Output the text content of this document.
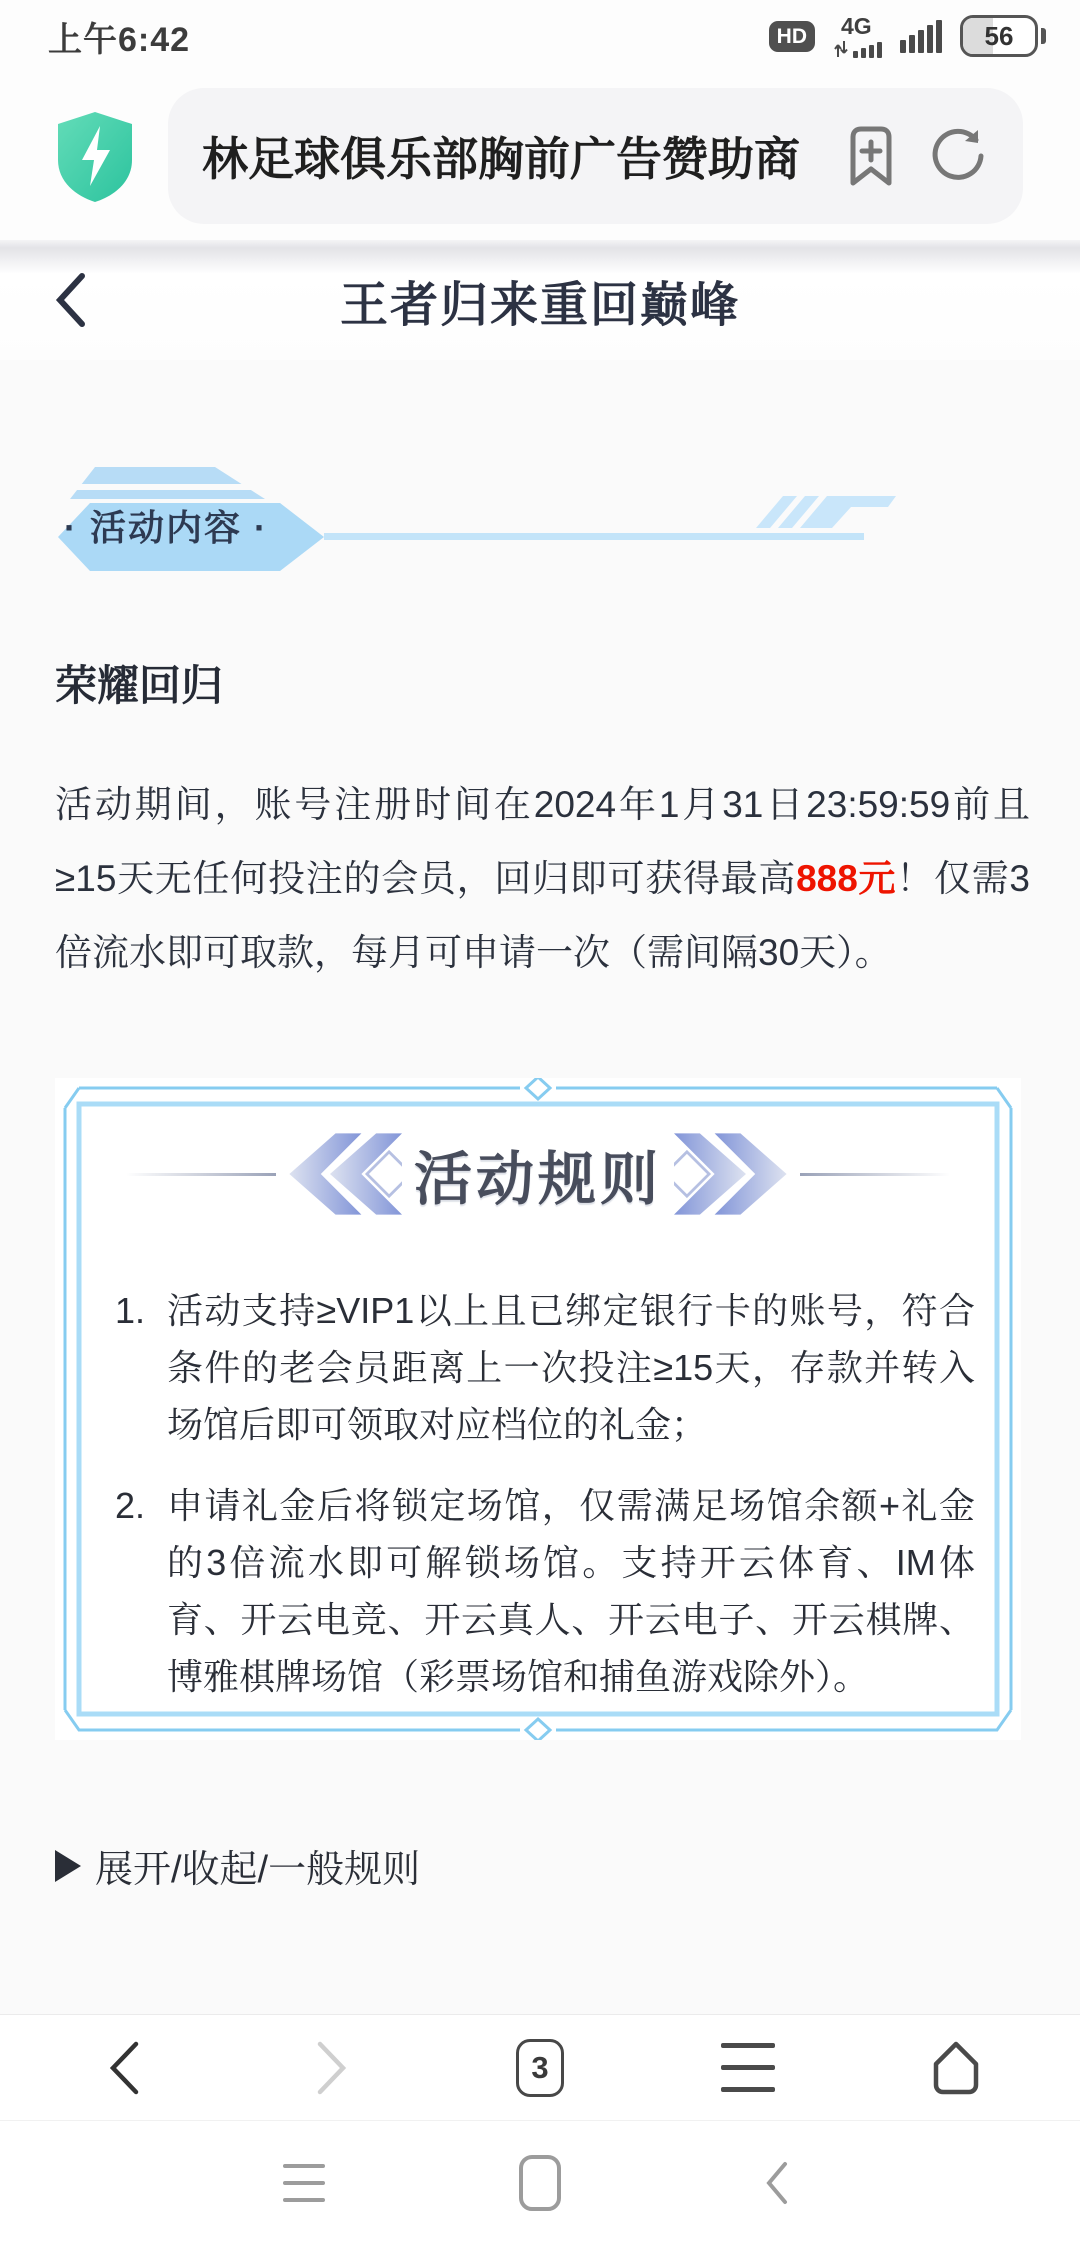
上午6:42	HD	4G	56
林足球俱乐部胸前广告赞助商
王者归来重回巅峰
· 活动内容 ·
荣耀回归
活动期间，账号注册时间在2024年1月31日23:59:59前且≥15天无任何投注的会员，回归即可获得最高888元！仅需3倍流水即可取款，每月可申请一次（需间隔30天）。
活动规则
1. 活动支持≥VIP1以上且已绑定银行卡的账号，符合条件的老会员距离上一次投注≥15天，存款并转入场馆后即可领取对应档位的礼金；
2. 申请礼金后将锁定场馆，仅需满足场馆余额+礼金的3倍流水即可解锁场馆。支持开云体育、IM体育、开云电竞、开云真人、开云电子、开云棋牌、博雅棋牌场馆（彩票场馆和捕鱼游戏除外）。
展开/收起/一般规则
3
